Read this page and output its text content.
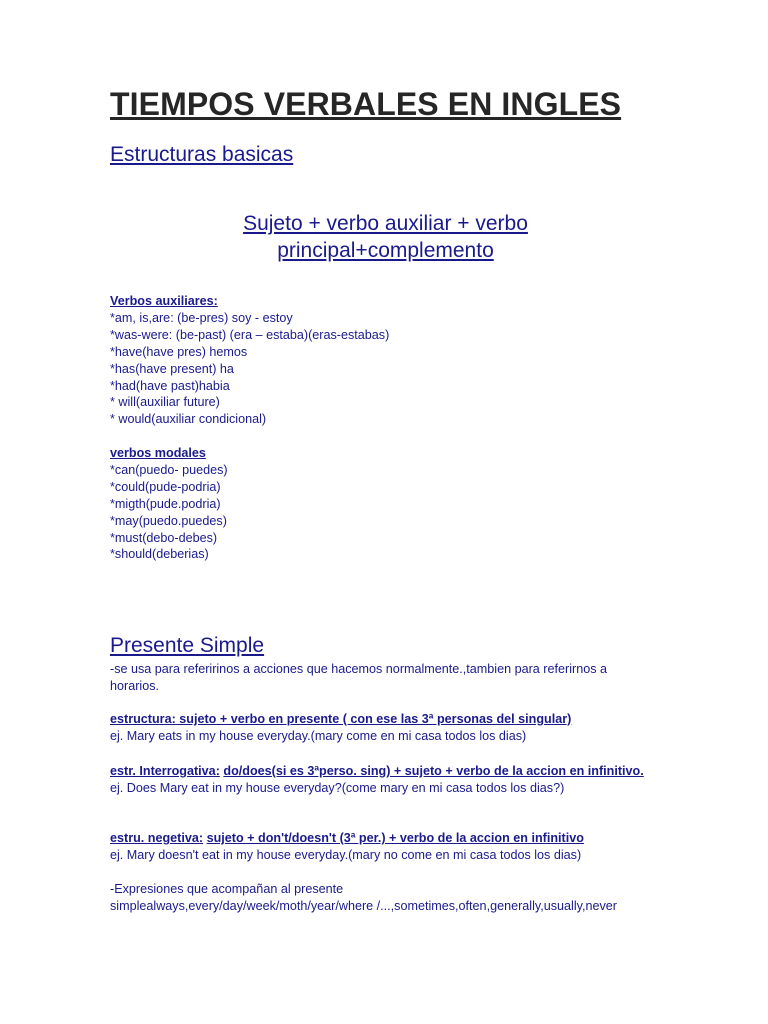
TIEMPOS VERBALES EN INGLES
Estructuras basicas
Sujeto + verbo auxiliar + verbo
principal+complemento
Verbos auxiliares:
*am, is,are: (be-pres) soy - estoy
*was-were: (be-past) (era – estaba)(eras-estabas)
*have(have pres) hemos
*has(have present) ha
*had(have past)habia
* will(auxiliar future)
* would(auxiliar condicional)
verbos modales
*can(puedo- puedes)
*could(pude-podria)
*migth(pude.podria)
*may(puedo.puedes)
*must(debo-debes)
*should(deberias)
Presente Simple
-se usa para referirinos a acciones que hacemos normalmente.,tambien para referirnos a horarios.
estructura: sujeto + verbo en presente ( con ese las 3ª personas del singular)
ej. Mary eats in my house everyday.(mary come en mi casa todos los dias)
estr. Interrogativa: do/does(si es 3ªperso. sing) + sujeto + verbo de la accion en infinitivo.
ej. Does Mary eat in my house everyday?(come mary en mi casa todos los dias?)
estru. negetiva: sujeto + don't/doesn't (3ª per.) + verbo de la accion en infinitivo
ej. Mary doesn't eat in my house everyday.(mary no come en mi casa todos los dias)
-Expresiones que acompañan al presente
simplealways,every/day/week/moth/year/where /...,sometimes,often,generally,usually,never
